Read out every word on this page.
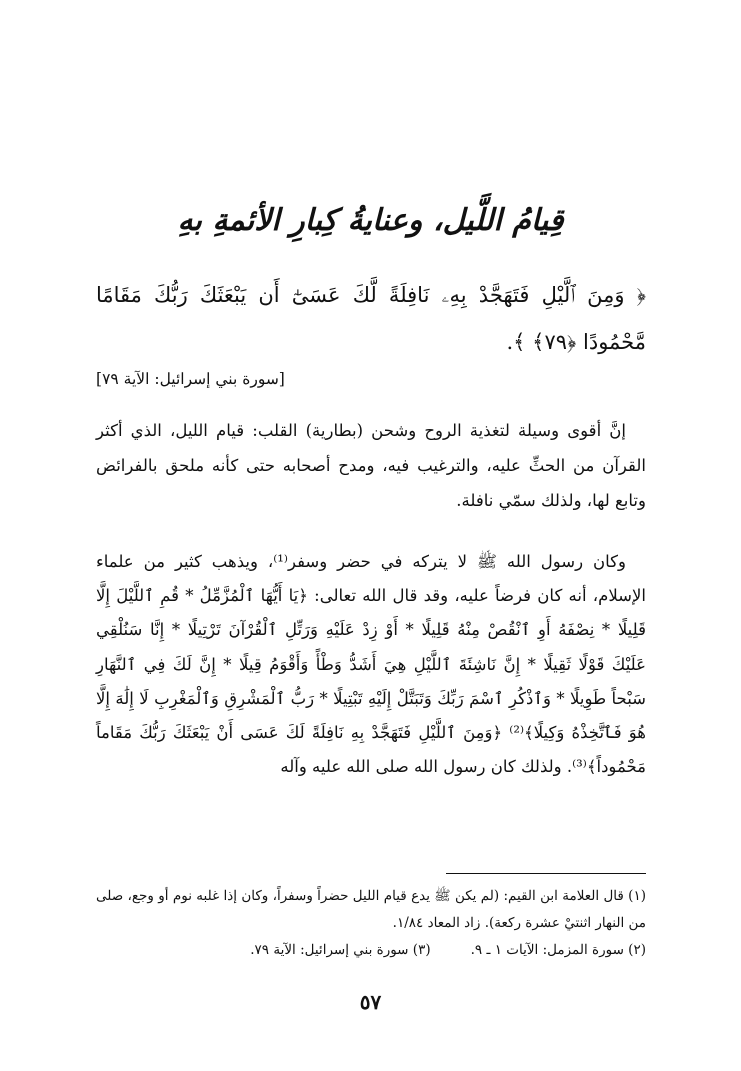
قِيامُ اللَّيل، وعنايةُ كِبارِ الأئمةِ بهِ

﴿ وَمِنَ ٱلَّيْلِ فَتَهَجَّدْ بِهِۦ نَافِلَةً لَّكَ عَسَىٰٓ أَن يَبْعَثَكَ رَبُّكَ مَقَامًا مَّحْمُودًا ﴿٧٩﴾ ﴾.

[سورة بني إسرائيل: الآية ٧٩]

إنَّ أقوى وسيلة لتغذية الروح وشحن (بطارية) القلب: قيام الليل، الذي أكثر القرآن من الحثِّ عليه، والترغيب فيه، ومدح أصحابه حتى كأنه ملحق بالفرائض وتابع لها، ولذلك سمّي نافلة.

وكان رسول الله ﷺ لا يتركه في حضر وسفر⁽¹⁾، ويذهب كثير من علماء الإسلام، أنه كان فرضاً عليه، وقد قال الله تعالى: ﴿يَا أَيُّهَا ٱلْمُزَّمِّلُ * قُمِ ٱللَّيْلَ إِلَّا قَلِيلًا * نِصْفَهُ أَوِ ٱنْقُصْ مِنْهُ قَلِيلًا * أَوْ زِدْ عَلَيْهِ وَرَتِّلِ ٱلْقُرْآنَ تَرْتِيلًا * إِنَّا سَنُلْقِي عَلَيْكَ قَوْلًا ثَقِيلًا * إِنَّ نَاشِئَةَ ٱللَّيْلِ هِيَ أَشَدُّ وَطْأً وَأَقْوَمُ قِيلًا * إِنَّ لَكَ فِي ٱلنَّهَارِ سَبْحاً طَوِيلًا * وَٱذْكُرِ ٱسْمَ رَبِّكَ وَتَبَتَّلْ إِلَيْهِ تَبْتِيلًا * رَبُّ ٱلْمَشْرِقِ وَٱلْمَغْرِبِ لَا إِلَٰهَ إِلَّا هُوَ فَٱتَّخِذْهُ وَكِيلًا﴾⁽²⁾ ﴿وَمِنَ ٱللَّيْلِ فَتَهَجَّدْ بِهِ نَافِلَةً لَكَ عَسَى أَنْ يَبْعَثَكَ رَبُّكَ مَقَاماً مَحْمُوداً﴾⁽³⁾. ولذلك كان رسول الله صلى الله عليه وآله

(١) قال العلامة ابن القيم: (لم يكن ﷺ يدع قيام الليل حضراً وسفراً، وكان إذا غلبه نوم أو وجع، صلى من النهار اثنتيْ عشرة ركعة). زاد المعاد ١/٨٤.
(٢) سورة المزمل: الآيات ١ ـ ٩.
(٣) سورة بني إسرائيل: الآية ٧٩.
٥٧
